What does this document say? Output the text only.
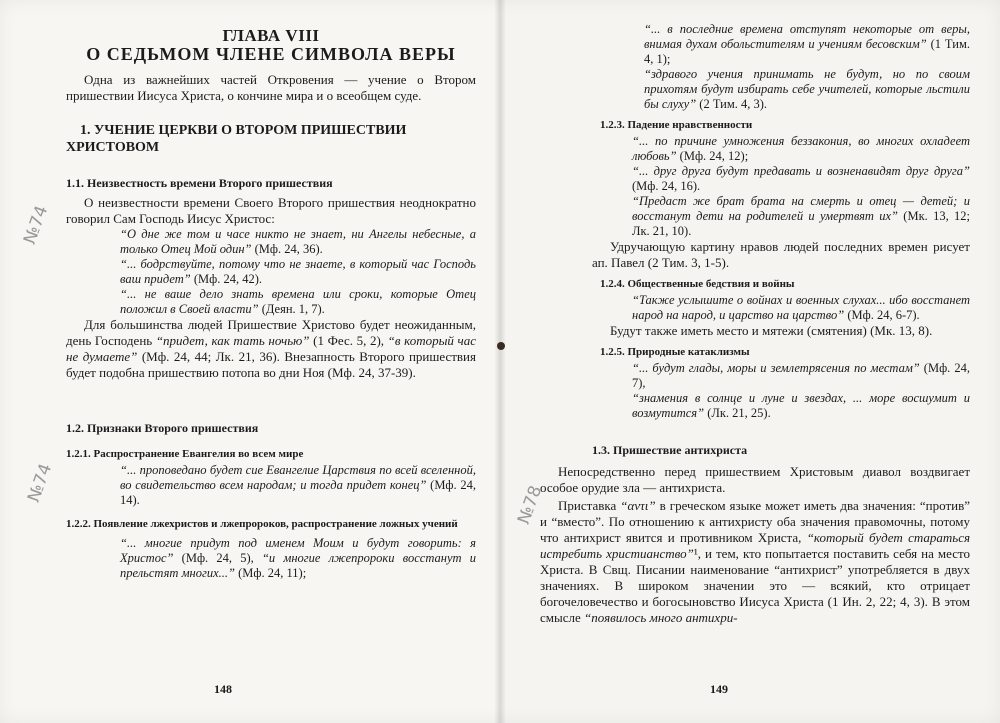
ГЛАВА VIII
О СЕДЬМОМ ЧЛЕНЕ СИМВОЛА ВЕРЫ

Одна из важнейших частей Откровения — учение о Втором пришествии Иисуса Христа, о кончине мира и о всеобщем суде.

1. УЧЕНИЕ ЦЕРКВИ О ВТОРОМ ПРИШЕСТВИИ ХРИСТОВОМ
1.1. Неизвестность времени Второго пришествия

О неизвестности времени Своего Второго пришествия неоднократно говорил Сам Господь Иисус Христос:

“О дне же том и часе никто не знает, ни Ангелы небесные, а только Отец Мой один” (Мф. 24, 36).

“... бодрствуйте, потому что не знаете, в который час Господь ваш придет” (Мф. 24, 42).

“... не ваше дело знать времена или сроки, которые Отец положил в Своей власти” (Деян. 1, 7).

Для большинства людей Пришествие Христово будет неожиданным, день Господень “придет, как тать ночью” (1 Фес. 5, 2), “в который час не думаете” (Мф. 24, 44; Лк. 21, 36). Внезапность Второго пришествия будет подобна пришествию потопа во дни Ноя (Мф. 24, 37-39).

1.2. Признаки Второго пришествия
1.2.1. Распространение Евангелия во всем мире

“... проповедано будет сие Евангелие Царствия по всей вселенной, во свидетельство всем народам; и тогда придет конец” (Мф. 24, 14).

1.2.2. Появление лжехристов и лжепророков, распространение ложных учений

“... многие придут под именем Моим и будут говорить: я Христос” (Мф. 24, 5), “и многие лжепророки восстанут и прельстят многих...” (Мф. 24, 11);

148
№74
№74

“... в последние времена отступят некоторые от веры, внимая духам обольстителям и учениям бесовским” (1 Тим. 4, 1);

“здравого учения принимать не будут, но по своим прихотям будут избирать себе учителей, которые льстили бы слуху” (2 Тим. 4, 3).

1.2.3. Падение нравственности

“... по причине умножения беззакония, во многих охладеет любовь” (Мф. 24, 12);

“... друг друга будут предавать и возненавидят друг друга” (Мф. 24, 16).

“Предаст же брат брата на смерть и отец — детей; и восстанут дети на родителей и умертвят их” (Мк. 13, 12; Лк. 21, 10).

Удручающую картину нравов людей последних времен рисует ап. Павел (2 Тим. 3, 1-5).

1.2.4. Общественные бедствия и войны

“Также услышите о войнах и военных слухах... ибо восстанет народ на народ, и царство на царство” (Мф. 24, 6-7).

Будут также иметь место и мятежи (смятения) (Мк. 13, 8).

1.2.5. Природные катаклизмы

“... будут глады, моры и землетрясения по местам” (Мф. 24, 7),

“знамения в солнце и луне и звездах, ... море восшумит и возмутится” (Лк. 21, 25).

1.3. Пришествие антихриста

Непосредственно перед пришествием Христовым диавол воздвигает особое орудие зла — антихриста.

Приставка “αντι” в греческом языке может иметь два значения: “против” и “вместо”. По отношению к антихристу оба значения правомочны, потому что антихрист явится и противником Христа, “который будет стараться истребить христианство”¹, и тем, кто попытается поставить себя на место Христа. В Свщ. Писании наименование “антихрист” употребляется в двух значениях. В широком значении это — всякий, кто отрицает богочеловечество и богосыновство Иисуса Христа (1 Ин. 2, 22; 4, 3). В этом смысле “появилось много антихри-

149
№78
